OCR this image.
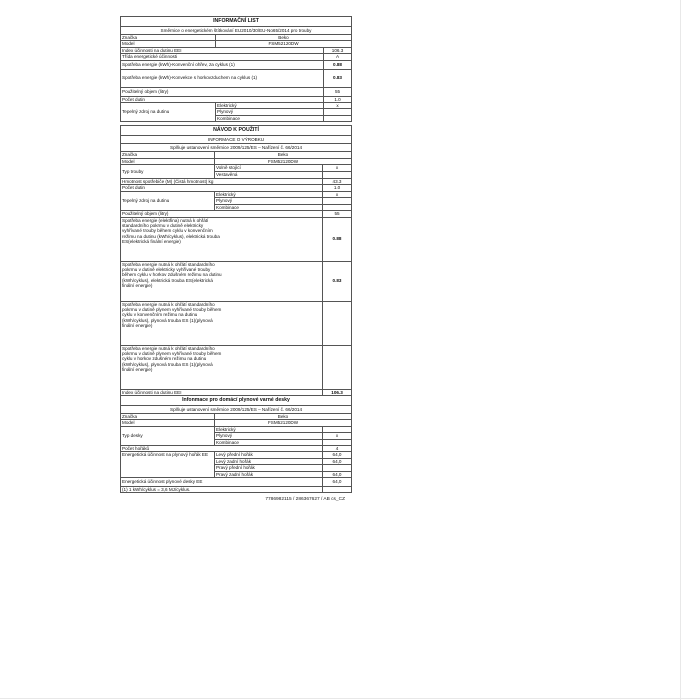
INFORMAČNÍ LIST		
Směrnice o energetickém štítkování EU2010/30/EU-No65/2014 pro trouby		
Značka	Beko	
Model	FSM52120DW	
Index účinnosti na dutinu EEI		106.3
Třída energetické účinnosti		A
Spotřeba energie (kWh)-Konvenční ohřev, za cyklus (1)		0.88
Spotřeba energie (kWh)-Konvekce s horkovzduchem na cyklus (1)		0.83
Použitelný objem (litry)		55
Počet dutin		1.0
Tepelný zdroj na dutinu	Elektrický	x
	Plynový	
	Kombinace	
NÁVOD K POUŽITÍ		
INFORMACE O VÝROBKU		
Splňuje ustanovení směrnice 2009/125/ES – Nařízení č. 66/2014		
Značka	Beko	
Model	FSM52120DW	
Typ trouby	Volně stojící	x
	Vestavěná	
Hmotnost spotřebiče (M) (Čistá hmotnost) kg		43.3
Počet dutin		1.0
Tepelný zdroj na dutinu	Elektrický	x
	Plynový	
	Kombinace	
Použitelný objem (litry)		55
Spotřeba energie (elektřina) nutná k ohřátí standardního pokrmu v dutině elektricky vyhřívané trouby během cyklu v konvenčním režimu na dutinu (kWh/cyklus), elektrická trouba ES(elektrická finální energie)		0.88
Spotřeba energie nutná k ohřátí standardního pokrmu v dutině elektricky vyhřívané trouby během cyklu v horkov zdušném režimu na dutinu (kWh/cyklus), elektrická trouba ES(elektrická finální energie)		0.83
Spotřeba energie nutná k ohřátí standardního pokrmu v dutině plynem vyhřívané trouby během cyklu v konvenčním režimu na dutinu (kWh/cyklus), plynová trouba ES (1)(plynová finální energie)		
Spotřeba energie nutná k ohřátí standardního pokrmu v dutině plynem vyhřívané trouby během cyklu v horkov zdušném režimu na dutinu (kWh/cyklus), plynová trouba ES (1)(plynová finální energie)		
Index účinnosti na dutinu EEI		106.3
Infonmace pro domácí plynové varné desky		
Splňuje ustanovení směrnice 2009/125/ES – Nařízení č. 66/2014		
Značka	Beko	
Model	FSM52120DW	
Typ desky	Elektrický	
	Plynový	x
	Kombinace	
Počet hořáků		4
Energetická účinnost na plynový hořák EE	Levý přední hořák	64,0
	Levý zadní hořák	64,0
	Pravý přední hořák	
	Pravý zadní hořák	64,0
Energetická účinnost plynové desky EE		64,0
(1) 1 kWh/cyklus = 3,6 MJ/cyklus.		
7786982115 / 286367627 / AB cs_CZ
